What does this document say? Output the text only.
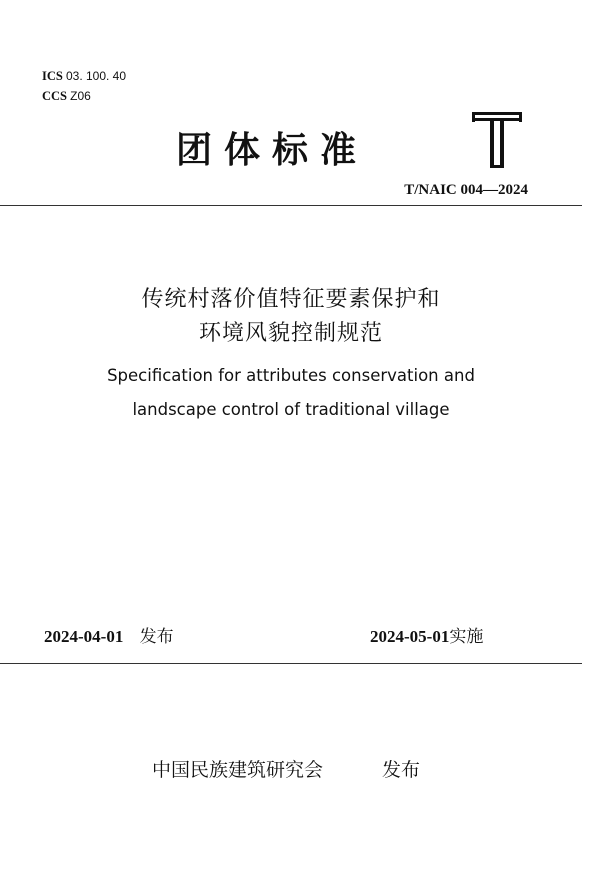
ICS 03. 100. 40
CCS Z06
团体标准	T
T/NAIC 004—2024
传统村落价值特征要素保护和
环境风貌控制规范
Specification for attributes conservation and
landscape control of traditional village
2024-04-01 发布	2024-05-01实施
中国民族建筑研究会	发布
